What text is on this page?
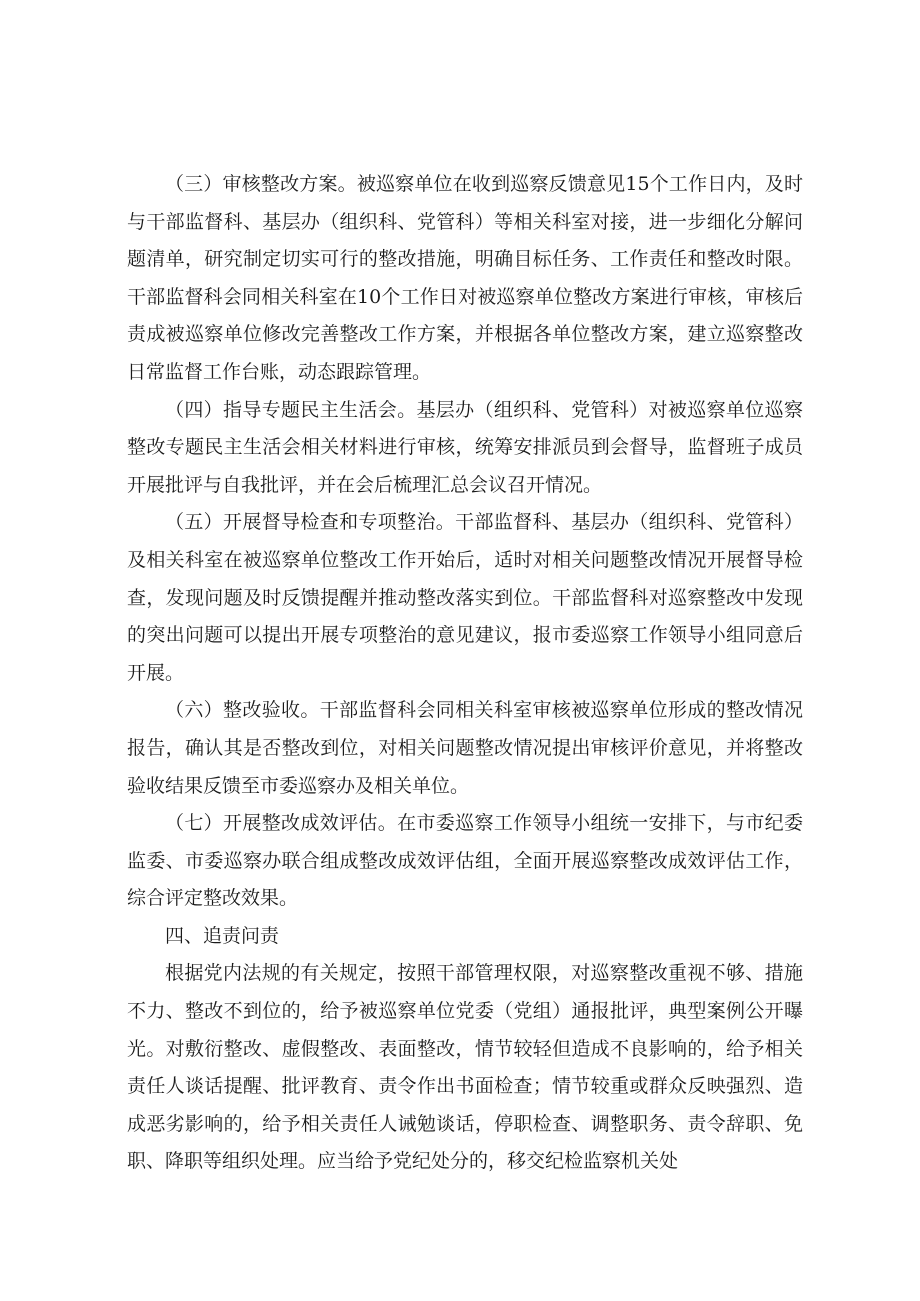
（三）审核整改方案。被巡察单位在收到巡察反馈意见15个工作日内，及时与干部监督科、基层办（组织科、党管科）等相关科室对接，进一步细化分解问题清单，研究制定切实可行的整改措施，明确目标任务、工作责任和整改时限。干部监督科会同相关科室在10个工作日对被巡察单位整改方案进行审核，审核后责成被巡察单位修改完善整改工作方案，并根据各单位整改方案，建立巡察整改日常监督工作台账，动态跟踪管理。

（四）指导专题民主生活会。基层办（组织科、党管科）对被巡察单位巡察整改专题民主生活会相关材料进行审核，统筹安排派员到会督导，监督班子成员开展批评与自我批评，并在会后梳理汇总会议召开情况。

（五）开展督导检查和专项整治。干部监督科、基层办（组织科、党管科）及相关科室在被巡察单位整改工作开始后，适时对相关问题整改情况开展督导检查，发现问题及时反馈提醒并推动整改落实到位。干部监督科对巡察整改中发现的突出问题可以提出开展专项整治的意见建议，报市委巡察工作领导小组同意后开展。

（六）整改验收。干部监督科会同相关科室审核被巡察单位形成的整改情况报告，确认其是否整改到位，对相关问题整改情况提出审核评价意见，并将整改验收结果反馈至市委巡察办及相关单位。

（七）开展整改成效评估。在市委巡察工作领导小组统一安排下，与市纪委监委、市委巡察办联合组成整改成效评估组，全面开展巡察整改成效评估工作，综合评定整改效果。

四、追责问责

根据党内法规的有关规定，按照干部管理权限，对巡察整改重视不够、措施不力、整改不到位的，给予被巡察单位党委（党组）通报批评，典型案例公开曝光。对敷衍整改、虚假整改、表面整改，情节较轻但造成不良影响的，给予相关责任人谈话提醒、批评教育、责令作出书面检查；情节较重或群众反映强烈、造成恶劣影响的，给予相关责任人诫勉谈话，停职检查、调整职务、责令辞职、免职、降职等组织处理。应当给予党纪处分的，移交纪检监察机关处
